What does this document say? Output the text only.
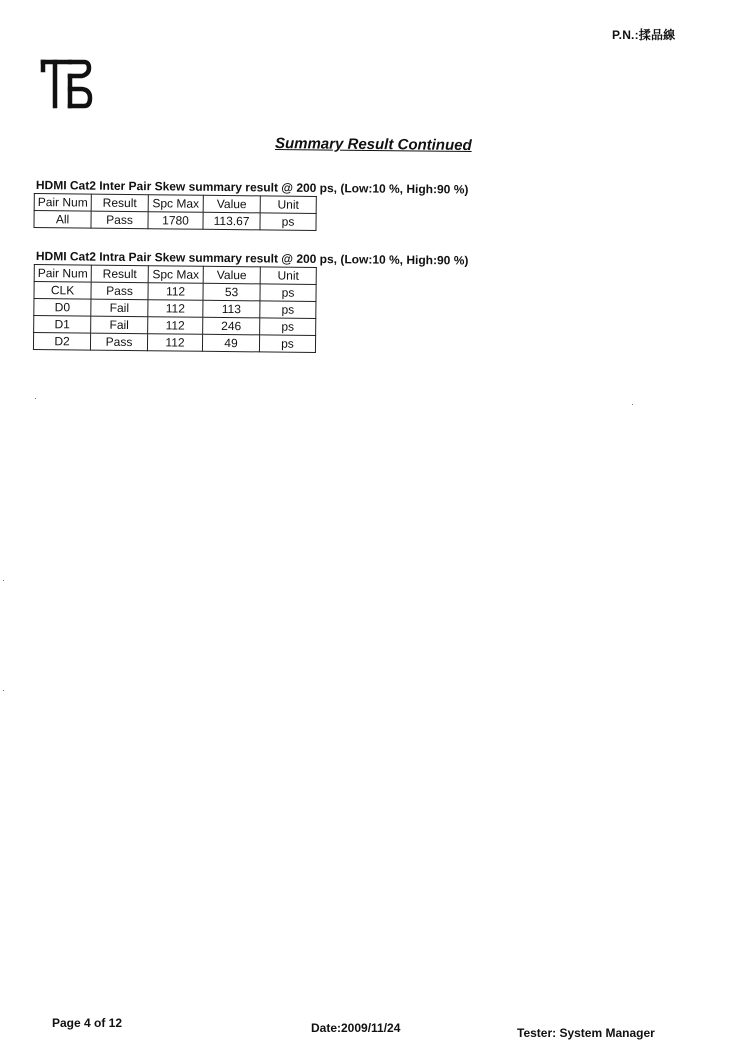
P.N.:揉品線
Summary Result Continued
HDMI Cat2 Inter Pair Skew summary result @ 200 ps, (Low:10 %, High:90 %)
Pair Num	Result	Spc Max	Value	Unit
All	Pass	1780	113.67	ps
HDMI Cat2 Intra Pair Skew summary result @ 200 ps, (Low:10 %, High:90 %)
Pair Num	Result	Spc Max	Value	Unit
CLK	Pass	112	53	ps
D0	Fail	112	113	ps
D1	Fail	112	246	ps
D2	Pass	112	49	ps
Page 4 of 12	Date:2009/11/24	Tester: System Manager
